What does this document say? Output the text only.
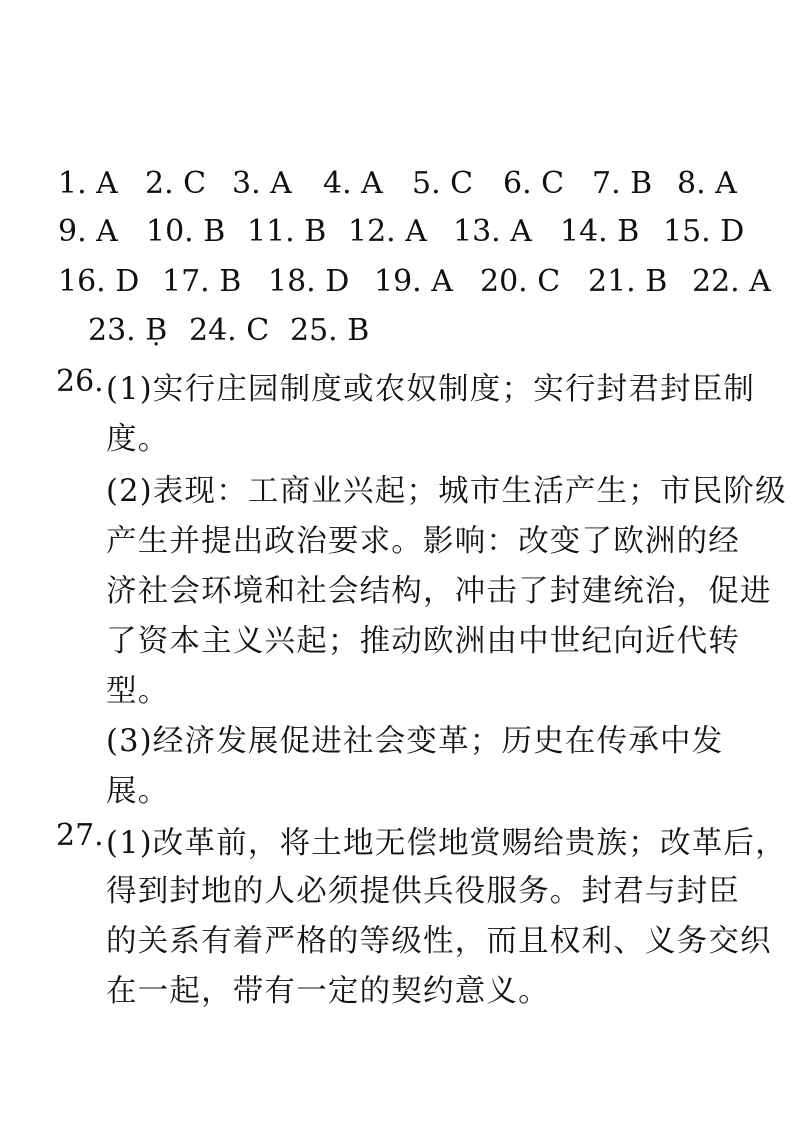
1. A 2. C 3. A 4. A 5. C 6. C 7. B 8. A
9. A 10. B 11. B 12. A 13. A 14. B 15. D
16. D 17. B 18. D 19. A 20. C 21. B 22. A
23. Ḅ 24. C 25. B
26. (1)实行庄园制度或农奴制度；实行封君封臣制
度。
(2)表现：工商业兴起；城市生活产生；市民阶级
产生并提出政治要求。影响：改变了欧洲的经
济社会环境和社会结构，冲击了封建统治，促进
了资本主义兴起；推动欧洲由中世纪向近代转
型。
(3)经济发展促进社会变革；历史在传承中发
展。
27. (1)改革前，将土地无偿地赏赐给贵族；改革后，
得到封地的人必须提供兵役服务。封君与封臣
的关系有着严格的等级性，而且权利、义务交织
在一起，带有一定的契约意义。
